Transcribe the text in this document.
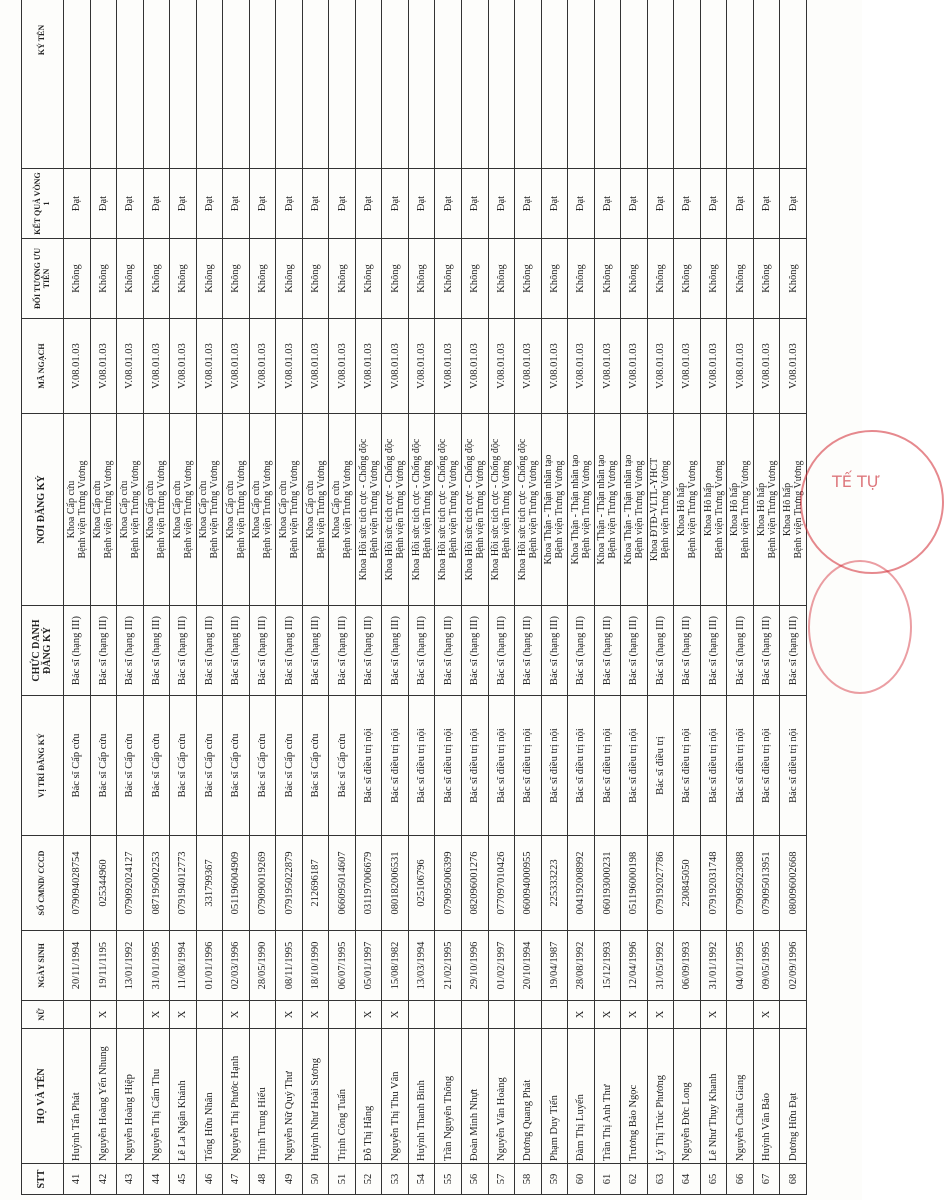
STT	HỌ VÀ TÊN	NỮ	NGÀY SINH	SỐ CMND/ CCCD	VỊ TRÍ ĐĂNG KÝ	CHỨC DANH ĐĂNG KÝ	NƠI ĐĂNG KÝ	MÃ NGẠCH	ĐỐI TƯỢNG ƯU TIÊN	KẾT QUẢ VÒNG 1	KÝ TÊN
41	Huỳnh Tấn Phát		20/11/1994	079094028754	Bác sĩ Cấp cứu	Bác sĩ (hạng III)	Khoa Cấp cứu Bệnh viện Trưng Vương	V.08.01.03	Không	Đạt	
42	Nguyễn Hoàng Yến Nhung	X	19/11/1195	025344960	Bác sĩ Cấp cứu	Bác sĩ (hạng III)	Khoa Cấp cứu Bệnh viện Trưng Vương	V.08.01.03	Không	Đạt	
43	Nguyễn Hoàng Hiệp		13/01/1992	079092024127	Bác sĩ Cấp cứu	Bác sĩ (hạng III)	Khoa Cấp cứu Bệnh viện Trưng Vương	V.08.01.03	Không	Đạt	
44	Nguyễn Thị Cẩm Thu	X	31/01/1995	087195002253	Bác sĩ Cấp cứu	Bác sĩ (hạng III)	Khoa Cấp cứu Bệnh viện Trưng Vương	V.08.01.03	Không	Đạt	
45	Lê La Ngân Khánh	X	11/08/1994	079194012773	Bác sĩ Cấp cứu	Bác sĩ (hạng III)	Khoa Cấp cứu Bệnh viện Trưng Vương	V.08.01.03	Không	Đạt	
46	Tống Hữu Nhân		01/01/1996	331799367	Bác sĩ Cấp cứu	Bác sĩ (hạng III)	Khoa Cấp cứu Bệnh viện Trưng Vương	V.08.01.03	Không	Đạt	
47	Nguyễn Thị Phước Hạnh	X	02/03/1996	051196004909	Bác sĩ Cấp cứu	Bác sĩ (hạng III)	Khoa Cấp cứu Bệnh viện Trưng Vương	V.08.01.03	Không	Đạt	
48	Trịnh Trung Hiếu		28/05/1990	079090019269	Bác sĩ Cấp cứu	Bác sĩ (hạng III)	Khoa Cấp cứu Bệnh viện Trưng Vương	V.08.01.03	Không	Đạt	
49	Nguyễn Nữ Quý Thư	X	08/11/1995	079195022879	Bác sĩ Cấp cứu	Bác sĩ (hạng III)	Khoa Cấp cứu Bệnh viện Trưng Vương	V.08.01.03	Không	Đạt	
50	Huỳnh Như Hoài Sương	X	18/10/1990	212696187	Bác sĩ Cấp cứu	Bác sĩ (hạng III)	Khoa Cấp cứu Bệnh viện Trưng Vương	V.08.01.03	Không	Đạt	
51	Trịnh Công Tuấn		06/07/1995	066095014607	Bác sĩ Cấp cứu	Bác sĩ (hạng III)	Khoa Cấp cứu Bệnh viện Trưng Vương	V.08.01.03	Không	Đạt	
52	Đỗ Thị Hằng	X	05/01/1997	031197006679	Bác sĩ điều trị nội	Bác sĩ (hạng III)	Khoa Hồi sức tích cực - Chống độc Bệnh viện Trưng Vương	V.08.01.03	Không	Đạt	
53	Nguyễn Thị Thu Vân	X	15/08/1982	080182006531	Bác sĩ điều trị nội	Bác sĩ (hạng III)	Khoa Hồi sức tích cực - Chống độc Bệnh viện Trưng Vương	V.08.01.03	Không	Đạt	
54	Huỳnh Thanh Bình		13/03/1994	025106796	Bác sĩ điều trị nội	Bác sĩ (hạng III)	Khoa Hồi sức tích cực - Chống độc Bệnh viện Trưng Vương	V.08.01.03	Không	Đạt	
55	Trần Nguyên Thông		21/02/1995	079095006399	Bác sĩ điều trị nội	Bác sĩ (hạng III)	Khoa Hồi sức tích cực - Chống độc Bệnh viện Trưng Vương	V.08.01.03	Không	Đạt	
56	Đoàn Minh Nhựt		29/10/1996	082096001276	Bác sĩ điều trị nội	Bác sĩ (hạng III)	Khoa Hồi sức tích cực - Chống độc Bệnh viện Trưng Vương	V.08.01.03	Không	Đạt	
57	Nguyễn Văn Hoàng		01/02/1997	077097010426	Bác sĩ điều trị nội	Bác sĩ (hạng III)	Khoa Hồi sức tích cực - Chống độc Bệnh viện Trưng Vương	V.08.01.03	Không	Đạt	
58	Dương Quang Phát		20/10/1994	060094000955	Bác sĩ điều trị nội	Bác sĩ (hạng III)	Khoa Hồi sức tích cực - Chống độc Bệnh viện Trưng Vương	V.08.01.03	Không	Đạt	
59	Phạm Duy Tiến		19/04/1987	225333223	Bác sĩ điều trị nội	Bác sĩ (hạng III)	Khoa Thận - Thận nhân tạo Bệnh viện Trưng Vương	V.08.01.03	Không	Đạt	
60	Đàm Thị Luyến	X	28/08/1992	004192008992	Bác sĩ điều trị nội	Bác sĩ (hạng III)	Khoa Thận - Thận nhân tạo Bệnh viện Trưng Vương	V.08.01.03	Không	Đạt	
61	Trần Thị Anh Thư	X	15/12/1993	060193000231	Bác sĩ điều trị nội	Bác sĩ (hạng III)	Khoa Thận - Thận nhân tạo Bệnh viện Trưng Vương	V.08.01.03	Không	Đạt	
62	Trương Bảo Ngọc	X	12/04/1996	051196000198	Bác sĩ điều trị nội	Bác sĩ (hạng III)	Khoa Thận - Thận nhân tạo Bệnh viện Trưng Vương	V.08.01.03	Không	Đạt	
63	Lý Thị Trúc Phương	X	31/05/1992	079192027786	Bác sĩ điều trị	Bác sĩ (hạng III)	Khoa ĐTĐ-VLTL-YHCT Bệnh viện Trưng Vương	V.08.01.03	Không	Đạt	
64	Nguyễn Đức Long		06/09/1993	230845050	Bác sĩ điều trị nội	Bác sĩ (hạng III)	Khoa Hô hấp Bệnh viện Trưng Vương	V.08.01.03	Không	Đạt	
65	Lê Như Thụy Khanh	X	31/01/1992	079192031748	Bác sĩ điều trị nội	Bác sĩ (hạng III)	Khoa Hô hấp Bệnh viện Trưng Vương	V.08.01.03	Không	Đạt	
66	Nguyễn Châu Giang		04/01/1995	079095023088	Bác sĩ điều trị nội	Bác sĩ (hạng III)	Khoa Hô hấp Bệnh viện Trưng Vương	V.08.01.03	Không	Đạt	
67	Huỳnh Văn Bảo	X	09/05/1995	079095013951	Bác sĩ điều trị nội	Bác sĩ (hạng III)	Khoa Hô hấp Bệnh viện Trưng Vương	V.08.01.03	Không	Đạt	
68	Dương Hữu Đạt		02/09/1996	080096002668	Bác sĩ điều trị nội	Bác sĩ (hạng III)	Khoa Hô hấp Bệnh viện Trưng Vương	V.08.01.03	Không	Đạt	
TẾ TỰ
